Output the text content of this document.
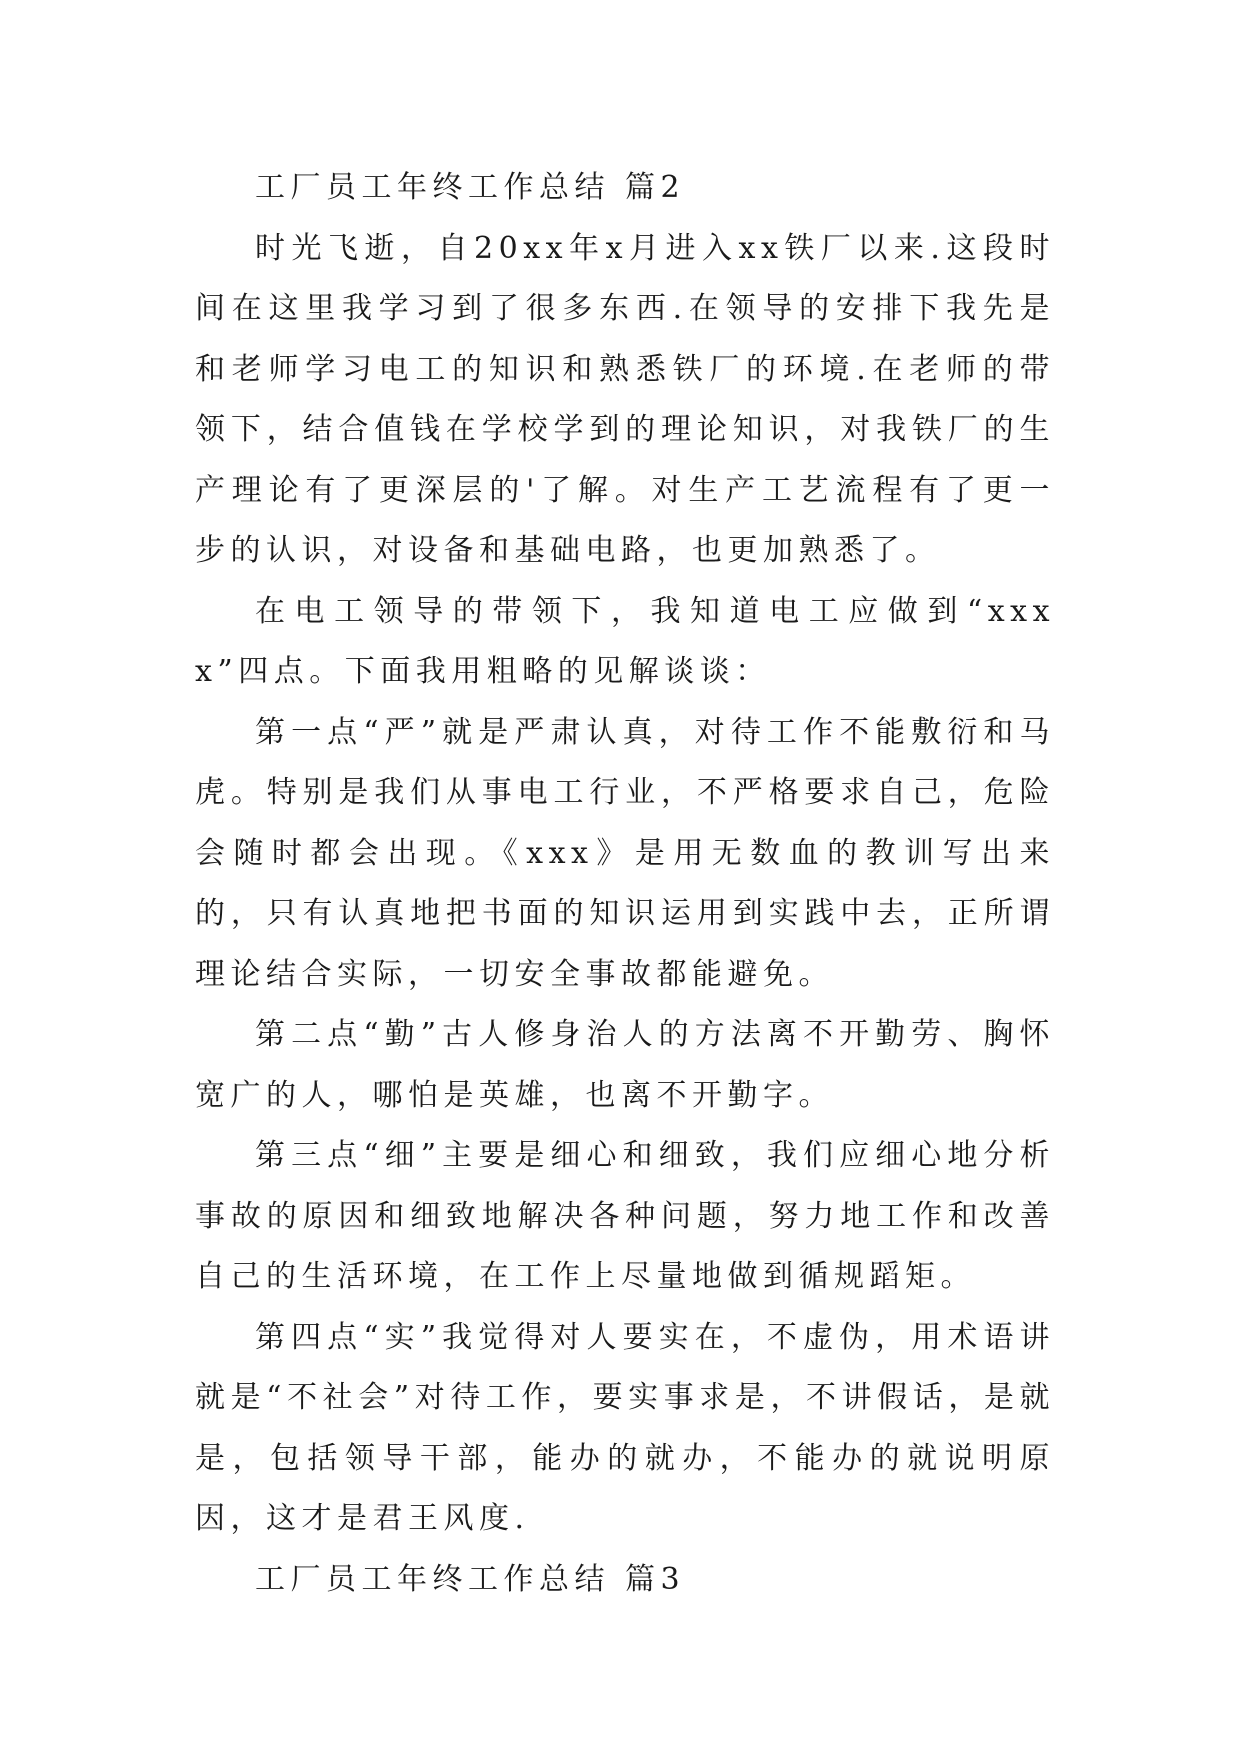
工厂员工年终工作总结 篇2

时光飞逝，自20xx年x月进入xx铁厂以来.这段时间在这里我学习到了很多东西.在领导的安排下我先是和老师学习电工的知识和熟悉铁厂的环境.在老师的带领下，结合值钱在学校学到的理论知识，对我铁厂的生产理论有了更深层的'了解。对生产工艺流程有了更一步的认识，对设备和基础电路，也更加熟悉了。

在电工领导的带领下，我知道电工应做到“xxxx”四点。下面我用粗略的见解谈谈：

第一点“严”就是严肃认真，对待工作不能敷衍和马虎。特别是我们从事电工行业，不严格要求自己，危险会随时都会出现。《xxx》是用无数血的教训写出来的，只有认真地把书面的知识运用到实践中去，正所谓理论结合实际，一切安全事故都能避免。

第二点“勤”古人修身治人的方法离不开勤劳、胸怀宽广的人，哪怕是英雄，也离不开勤字。

第三点“细”主要是细心和细致，我们应细心地分析事故的原因和细致地解决各种问题，努力地工作和改善自己的生活环境，在工作上尽量地做到循规蹈矩。

第四点“实”我觉得对人要实在，不虚伪，用术语讲就是“不社会”对待工作，要实事求是，不讲假话，是就是，包括领导干部，能办的就办，不能办的就说明原因，这才是君王风度.

工厂员工年终工作总结 篇3
